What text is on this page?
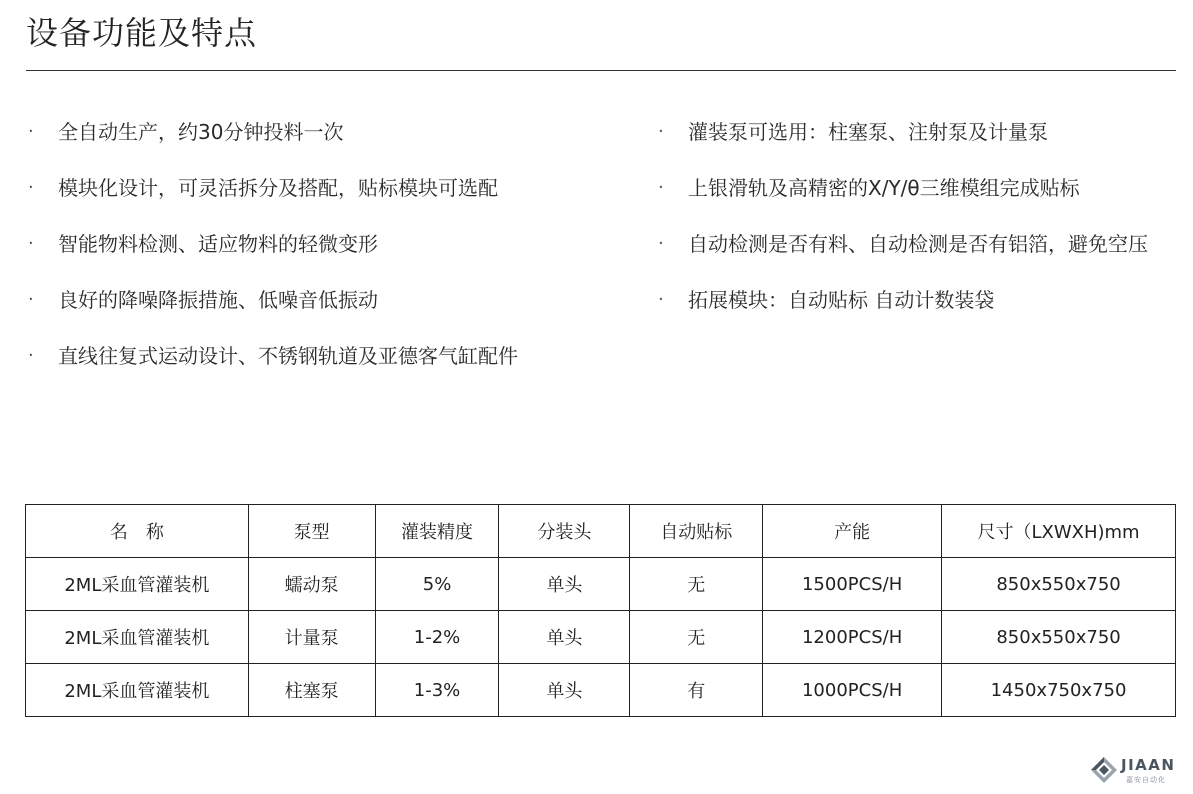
设备功能及特点
· 全自动生产，约30分钟投料一次
· 模块化设计，可灵活拆分及搭配，贴标模块可选配
· 智能物料检测、适应物料的轻微变形
· 良好的降噪降振措施、低噪音低振动
· 直线往复式运动设计、不锈钢轨道及亚德客气缸配件
· 灌装泵可选用：柱塞泵、注射泵及计量泵
· 上银滑轨及高精密的X/Y/θ三维模组完成贴标
· 自动检测是否有料、自动检测是否有铝箔，避免空压
· 拓展模块：自动贴标 自动计数装袋
名　称	泵型	灌装精度	分装头	自动贴标	产能	尺寸（LXWXH)mm
2ML采血管灌装机	蠕动泵	5%	单头	无	1500PCS/H	850x550x750
2ML采血管灌装机	计量泵	1-2%	单头	无	1200PCS/H	850x550x750
2ML采血管灌装机	柱塞泵	1-3%	单头	有	1000PCS/H	1450x750x750
JIAAN
嘉安自动化
